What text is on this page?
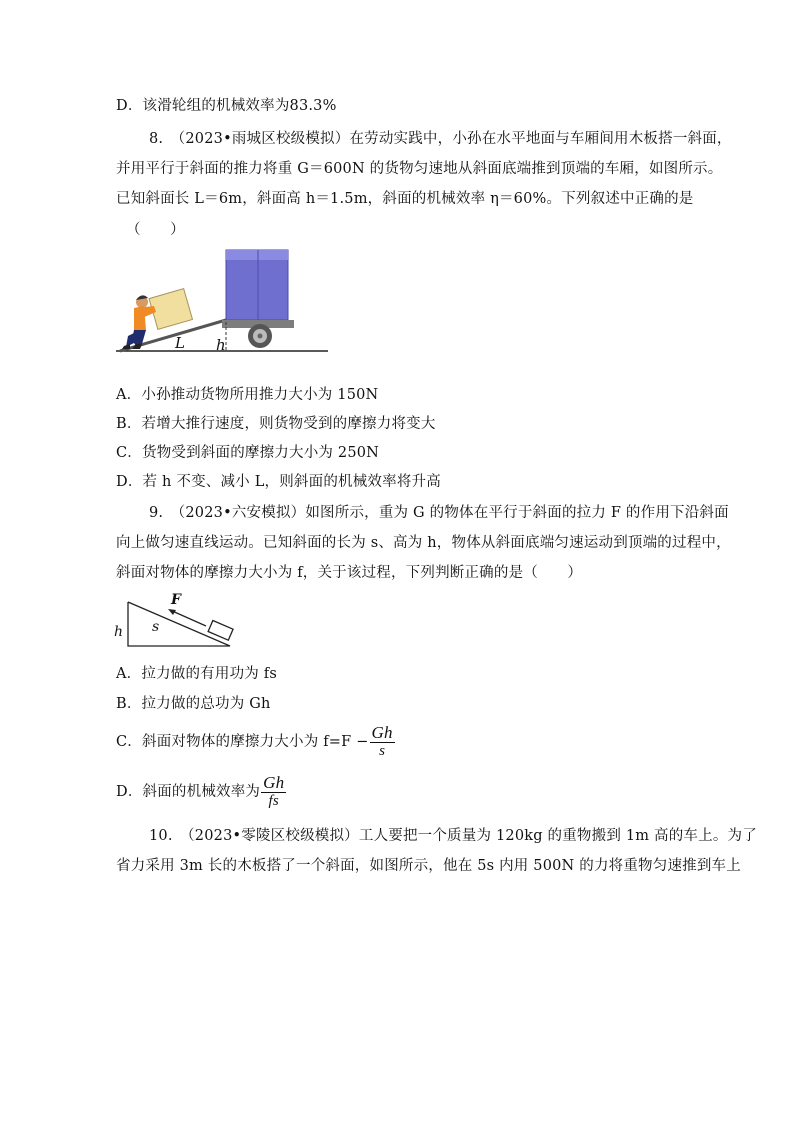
D．该滑轮组的机械效率为83.3%
8.　（2023•雨城区校级模拟）在劳动实践中，小孙在水平地面与车厢间用木板搭一斜面，
并用平行于斜面的推力将重 G＝600N 的货物匀速地从斜面底端推到顶端的车厢，如图所示。
已知斜面长 L＝6m，斜面高 h＝1.5m，斜面的机械效率 η＝60%。下列叙述中正确的是
（　　）
L h
A．小孙推动货物所用推力大小为 150N
B．若增大推行速度，则货物受到的摩擦力将变大
C．货物受到斜面的摩擦力大小为 250N
D．若 h 不变、减小 L，则斜面的机械效率将升高
9.　（2023•六安模拟）如图所示，重为 G 的物体在平行于斜面的拉力 F 的作用下沿斜面
向上做匀速直线运动。已知斜面的长为 s、高为 h，物体从斜面底端匀速运动到顶端的过程中，
斜面对物体的摩擦力大小为 f，关于该过程，下列判断正确的是（　　）
F
s
h
A．拉力做的有用功为 fs
B．拉力做的总功为 Gh
C．斜面对物体的摩擦力大小为 $f=F - \frac{Gh}{s}$
D．斜面的机械效率为 $\frac{Gh}{fs}$
10.　（2023•零陵区校级模拟）工人要把一个质量为 120kg 的重物搬到 1m 高的车上。为了
省力采用 3m 长的木板搭了一个斜面，如图所示，他在 5s 内用 500N 的力将重物匀速推到车上
